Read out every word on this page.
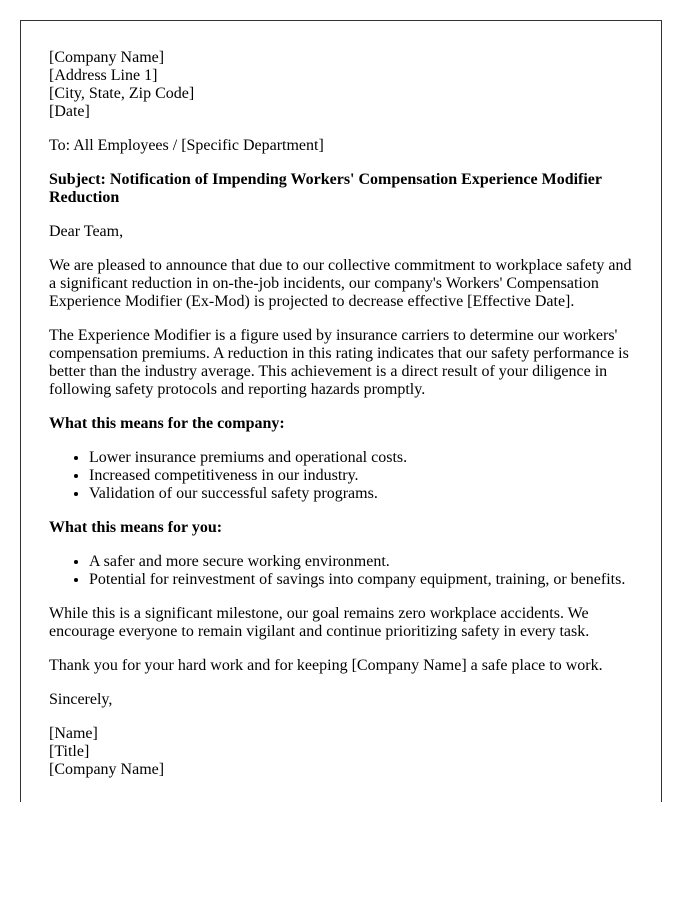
[Company Name]

[Address Line 1]

[City, State, Zip Code]

[Date]

To: All Employees / [Specific Department]

Subject: Notification of Impending Workers' Compensation Experience Modifier Reduction

Dear Team,

We are pleased to announce that due to our collective commitment to workplace safety and a significant reduction in on-the-job incidents, our company's Workers' Compensation Experience Modifier (Ex-Mod) is projected to decrease effective [Effective Date].

The Experience Modifier is a figure used by insurance carriers to determine our workers' compensation premiums. A reduction in this rating indicates that our safety performance is better than the industry average. This achievement is a direct result of your diligence in following safety protocols and reporting hazards promptly.

What this means for the company:

• Lower insurance premiums and operational costs.
• Increased competitiveness in our industry.
• Validation of our successful safety programs.

What this means for you:

• A safer and more secure working environment.
• Potential for reinvestment of savings into company equipment, training, or benefits.

While this is a significant milestone, our goal remains zero workplace accidents. We encourage everyone to remain vigilant and continue prioritizing safety in every task.

Thank you for your hard work and for keeping [Company Name] a safe place to work.

Sincerely,

[Name]

[Title]

[Company Name]
